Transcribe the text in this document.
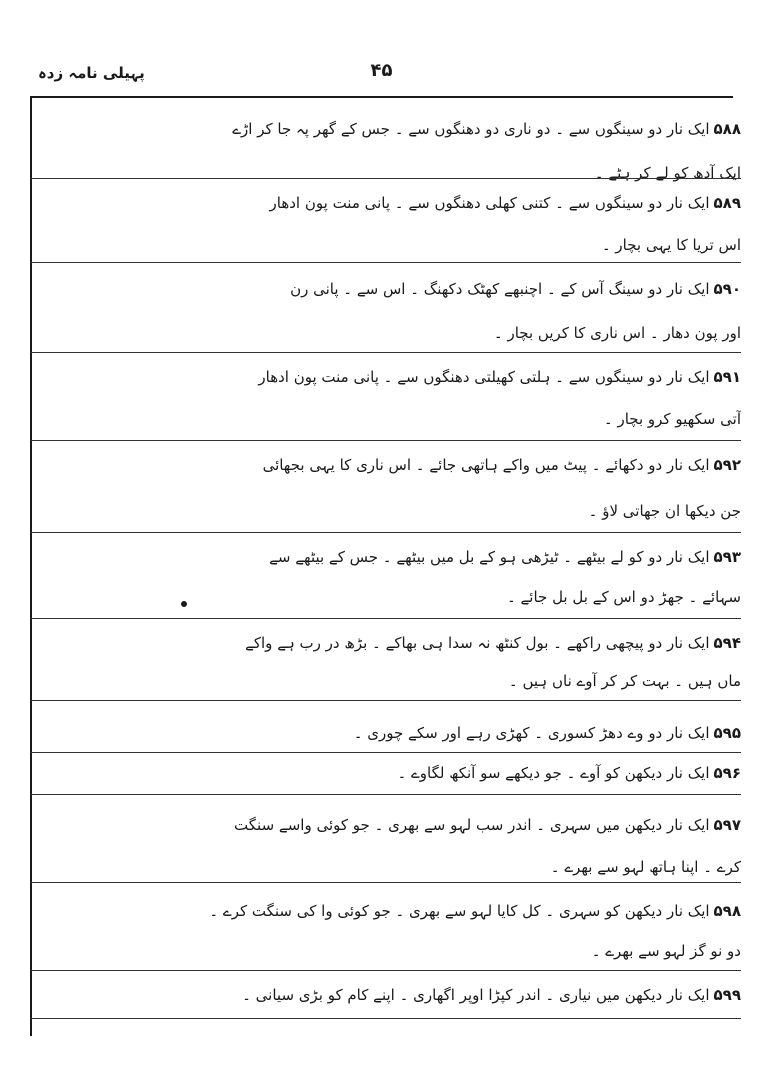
پہیلی نامہ زدہ	۴۵
۵۸۸ایک نار دو سینگوں سے ۔ دو ناری دو دھنگوں سے ۔ جس کے گھر پہ جا کر اڑے
ایک آدھ کو لے کر ہٹے ۔
۵۸۹ایک نار دو سینگوں سے ۔ کتنی کھلی دھنگوں سے ۔ پانی منت پون ادھار
اس تریا کا یہی بچار ۔
۵۹۰ایک نار دو سینگ آس کے ۔ اچنبھے کھٹک دکھنگ ۔ اس سے ۔ پانی رن
اور پون دھار ۔ اس ناری کا کریں بچار ۔
۵۹۱ایک نار دو سینگوں سے ۔ ہلتی کھیلتی دھنگوں سے ۔ پانی منت پون ادھار
آتی سکھیو کرو بچار ۔
۵۹۲ایک نار دو دکھائے ۔ پیٹ میں واکے ہاتھی جائے ۔ اس ناری کا یہی بجھائی
جن دیکھا ان جھاتی لاؤ ۔
۵۹۳ایک نار دو کو لے بیٹھے ۔ ٹیڑھی ہو کے بل میں بیٹھے ۔ جس کے بیٹھے سے
سہائے ۔ جھڑ دو اس کے بل بل جائے ۔
۵۹۴ایک نار دو پیچھی راکھے ۔ بول کنٹھ نہ سدا ہی بھاکے ۔ بڑھ در رب ہے واکے
ماں ہیں ۔ بہت کر کر آوے ناں ہیں ۔
۵۹۵ایک نار دو وے دھڑ کسوری ۔ کھڑی رہے اور سکے چوری ۔
۵۹۶ایک نار دیکھن کو آوے ۔ جو دیکھے سو آنکھ لگاوے ۔
۵۹۷ایک نار دیکھن میں سہری ۔ اندر سب لہو سے بھری ۔ جو کوئی واسے سنگت
کرے ۔ اپنا ہاتھ لہو سے بھرے ۔
۵۹۸ایک نار دیکھن کو سہری ۔ کل کایا لہو سے بھری ۔ جو کوئی وا کی سنگت کرے ۔
دو نو گز لہو سے بھرے ۔
۵۹۹ایک نار دیکھن میں نیاری ۔ اندر کپڑا اوپر اگھاری ۔ اپنے کام کو بڑی سیانی ۔
